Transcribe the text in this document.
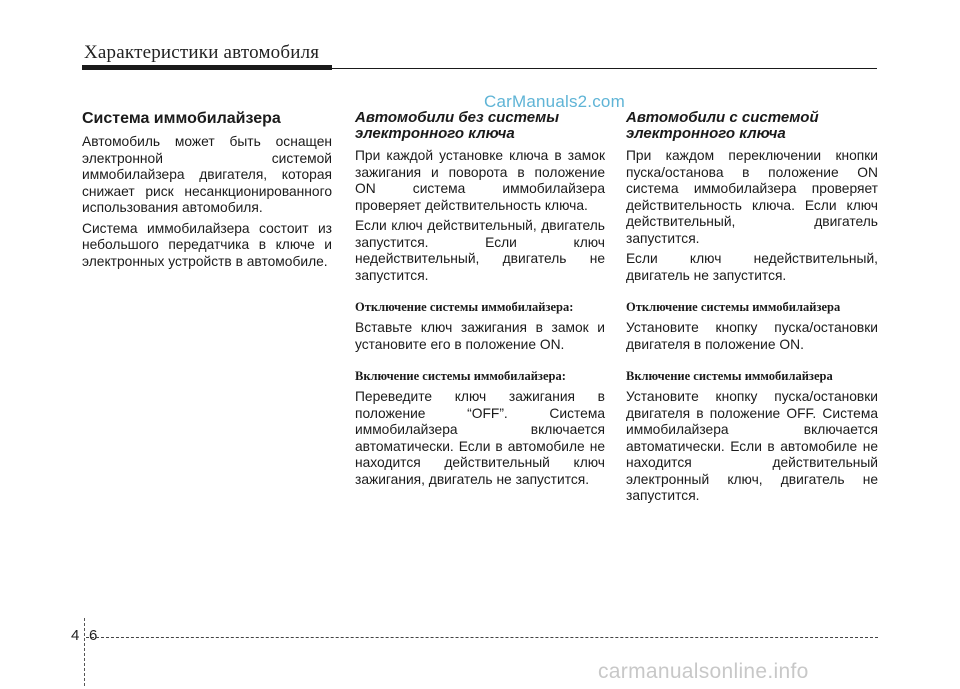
Характеристики автомобиля
CarManuals2.com
Система иммобилайзера
Автомобиль может быть оснащен электронной системой иммобилайзера двигателя, которая снижает риск несанкционированного использования автомобиля.
Система иммобилайзера состоит из небольшого передатчика в ключе и электронных устройств в автомобиле.
Автомобили без системы электронного ключа
При каждой установке ключа в замок зажигания и поворота в положение ON система иммобилайзера проверяет действительность ключа.
Если ключ действительный, двигатель запустится. Если ключ недействительный, двигатель не запустится.
Отключение системы иммобилайзера:
Вставьте ключ зажигания в замок и установите его в положение ON.
Включение системы иммобилайзера:
Переведите ключ зажигания в положение “OFF”. Система иммобилайзера включается автоматически. Если в автомобиле не находится действительный ключ зажигания, двигатель не запустится.
Автомобили с системой электронного ключа
При каждом переключении кнопки пуска/останова в положение ON система иммобилайзера проверяет действительность ключа. Если ключ действительный, двигатель запустится.
Если ключ недействительный, двигатель не запустится.
Отключение системы иммобилайзера
Установите кнопку пуска/остановки двигателя в положение ON.
Включение системы иммобилайзера
Установите кнопку пуска/остановки двигателя в положение OFF. Система иммобилайзера включается автоматически. Если в автомобиле не находится действительный электронный ключ, двигатель не запустится.
4 6
carmanualsonline.info
